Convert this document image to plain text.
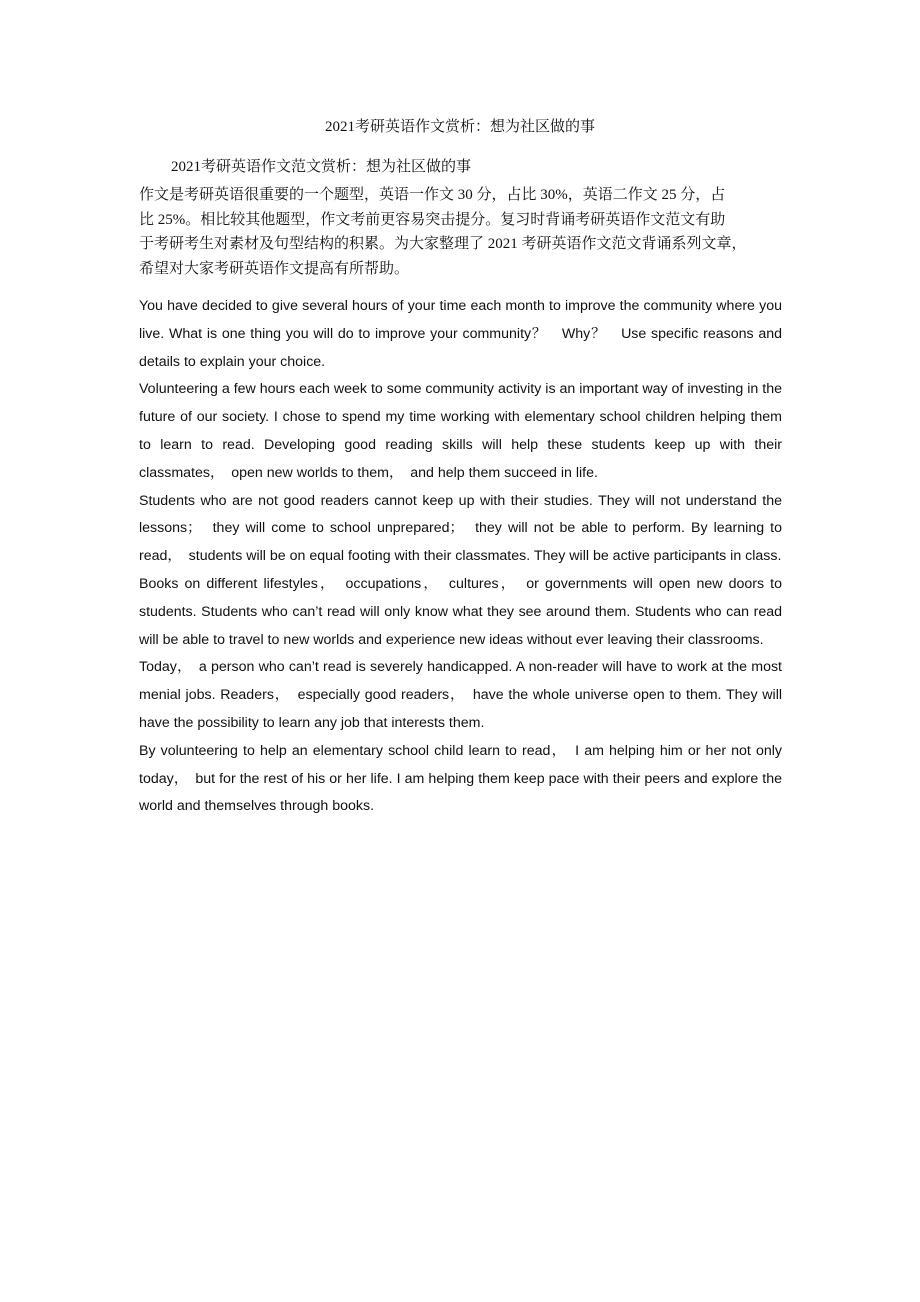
2021考研英语作文赏析：想为社区做的事
2021考研英语作文范文赏析：想为社区做的事
作文是考研英语很重要的一个题型，英语一作文 30 分，占比 30%，英语二作文 25 分，占
比 25%。相比较其他题型，作文考前更容易突击提分。复习时背诵考研英语作文范文有助
于考研考生对素材及句型结构的积累。为大家整理了 2021 考研英语作文范文背诵系列文章，
希望对大家考研英语作文提高有所帮助。

You have decided to give several hours of your time each month to improve the community where you live. What is one thing you will do to improve your community？　Why？　Use specific reasons and details to explain your choice.

Volunteering a few hours each week to some community activity is an important way of investing in the future of our society. I chose to spend my time working with elementary school children helping them to learn to read. Developing good reading skills will help these students keep up with their classmates，　open new worlds to them，　and help them succeed in life.

Students who are not good readers cannot keep up with their studies. They will not understand the lessons；　they will come to school unprepared；　they will not be able to perform. By learning to read，　students will be on equal footing with their classmates. They will be active participants in class.

Books on different lifestyles，　occupations，　cultures，　or governments will open new doors to students. Students who can’t read will only know what they see around them. Students who can read will be able to travel to new worlds and experience new ideas without ever leaving their classrooms.

Today，　a person who can’t read is severely handicapped. A non-reader will have to work at the most menial jobs. Readers，　especially good readers，　have the whole universe open to them. They will have the possibility to learn any job that interests them.

By volunteering to help an elementary school child learn to read，　I am helping him or her not only today，　but for the rest of his or her life. I am helping them keep pace with their peers and explore the world and themselves through books.
